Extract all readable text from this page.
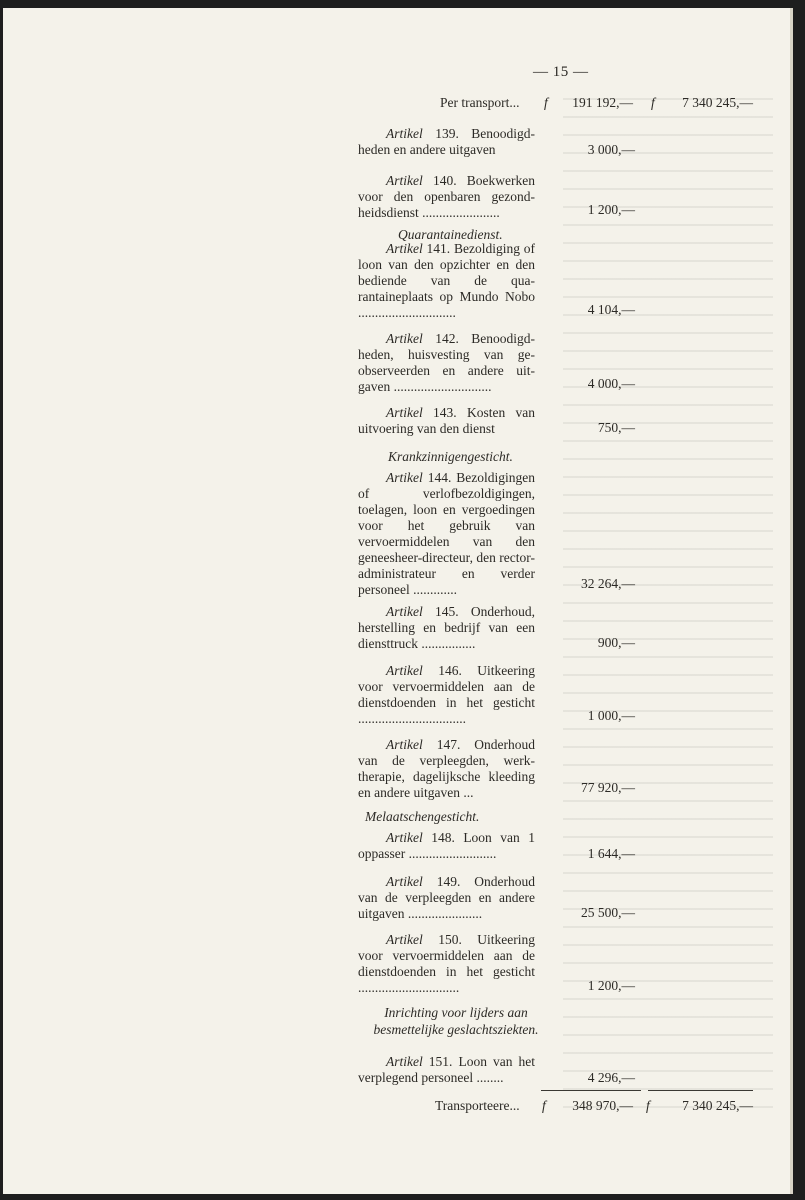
— 15 —
Per transport... f	191 192,— f	7 340 245,—

Artikel 139. Benoodigdheden en andere uitgaven	3 000,—

Artikel 140. Boekwerken voor den openbaren gezondheidsdienst .......................	1 200,—
Quarantainedienst.

Artikel 141. Bezoldiging of loon van den opzichter en den bediende van de quarantaineplaats op Mundo Nobo .............................	4 104,—

Artikel 142. Benoodigdheden, huisvesting van geobserveerden en andere uitgaven .............................	4 000,—

Artikel 143. Kosten van uitvoering van den dienst	750,—
Krankzinnigengesticht.

Artikel 144. Bezoldigingen of verlofbezoldigingen, toelagen, loon en vergoedingen voor het gebruik van vervoermiddelen van den geneesheer-directeur, den rector-administrateur en verder personeel .............	32 264,—

Artikel 145. Onderhoud, herstelling en bedrijf van een diensttruck ................	900,—

Artikel 146. Uitkeering voor vervoermiddelen aan de dienstdoenden in het gesticht ................................	1 000,—

Artikel 147. Onderhoud van de verpleegden, werktherapie, dagelijksche kleeding en andere uitgaven ...	77 920,—
Melaatschengesticht.

Artikel 148. Loon van 1 oppasser ..........................	1 644,—

Artikel 149. Onderhoud van de verpleegden en andere uitgaven ......................	25 500,—

Artikel 150. Uitkeering voor vervoermiddelen aan de dienstdoenden in het gesticht ..............................	1 200,—
Inrichting voor lijders aan besmettelijke geslachtsziekten.

Artikel 151. Loon van het verplegend personeel ........	4 296,—
Transporteere... f	348 970,— f	7 340 245,—
